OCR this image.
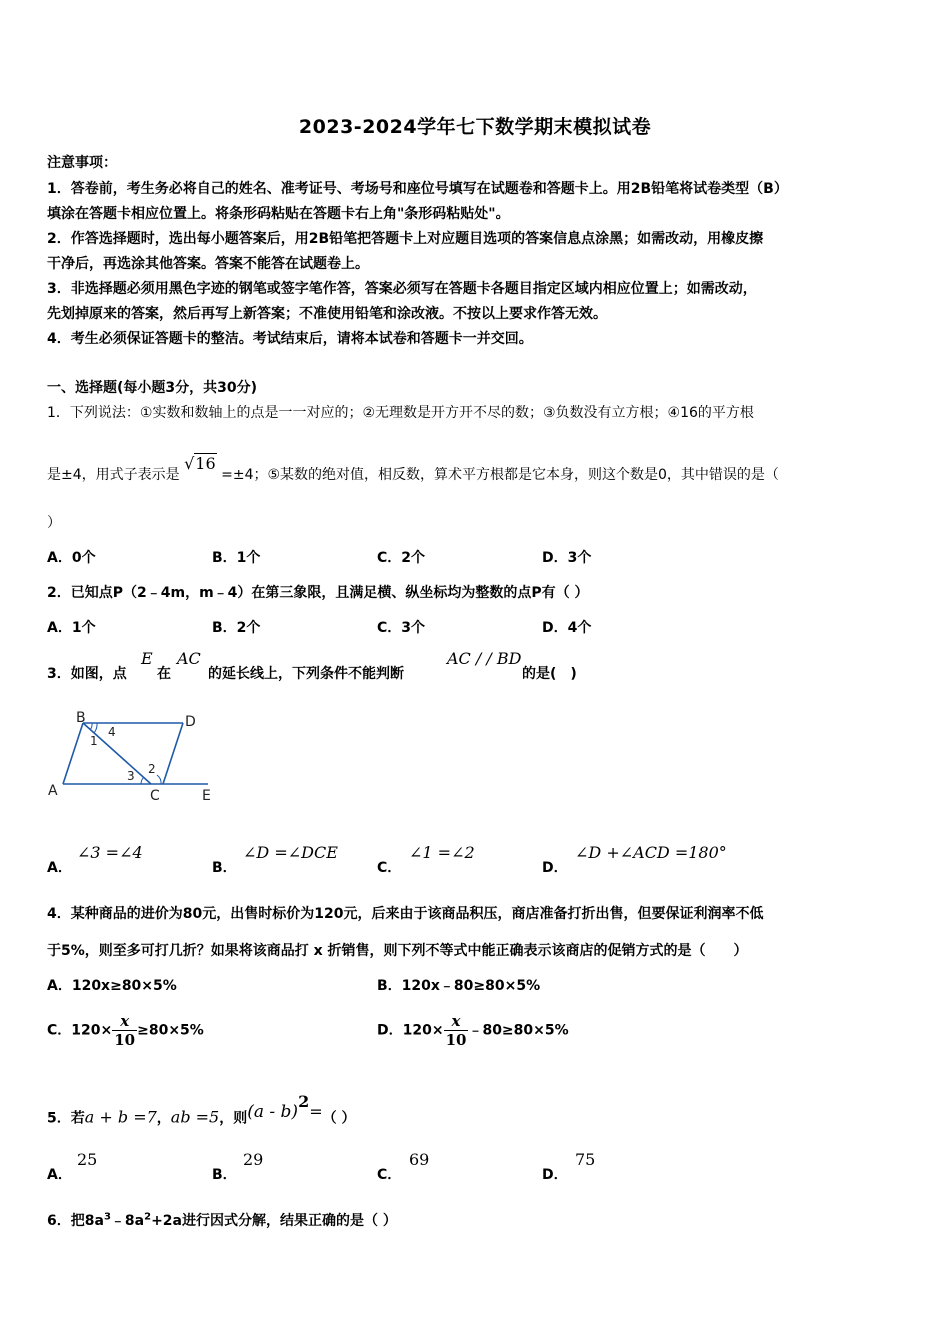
2023-2024学年七下数学期末模拟试卷
注意事项：
1．答卷前，考生务必将自己的姓名、准考证号、考场号和座位号填写在试题卷和答题卡上。用2B铅笔将试卷类型（B）
填涂在答题卡相应位置上。将条形码粘贴在答题卡右上角"条形码粘贴处"。
2．作答选择题时，选出每小题答案后，用2B铅笔把答题卡上对应题目选项的答案信息点涂黑；如需改动，用橡皮擦
干净后，再选涂其他答案。答案不能答在试题卷上。
3．非选择题必须用黑色字迹的钢笔或签字笔作答，答案必须写在答题卡各题目指定区域内相应位置上；如需改动，
先划掉原来的答案，然后再写上新答案；不准使用铅笔和涂改液。不按以上要求作答无效。
4．考生必须保证答题卡的整洁。考试结束后，请将本试卷和答题卡一并交回。
一、选择题(每小题3分，共30分)
1．下列说法：①实数和数轴上的点是一一对应的；②无理数是开方开不尽的数；③负数没有立方根；④16的平方根
是±4，用式子表示是 √16 =±4；⑤某数的绝对值，相反数，算术平方根都是它本身，则这个数是0，其中错误的是（
）
A．0个	B．1个	C．2个	D．3个
2．已知点P（2﹣4m，m﹣4）在第三象限，且满足横、纵坐标均为整数的点P有（ ）
A．1个	B．2个	C．3个	D．4个
3．如图，点
E
在
AC
的延长线上，下列条件不能判断
AC / / BD
的是(　)
B	D
A	C	E
1
4
2
3
A．
∠3 =∠4
B．
∠D =∠DCE
C．
∠1 =∠2
D．
∠D +∠ACD =180°
4．某种商品的进价为80元，出售时标价为120元，后来由于该商品积压，商店准备打折出售，但要保证利润率不低
于5%，则至多可打几折？如果将该商品打 x 折销售，则下列不等式中能正确表示该商店的促销方式的是（　　）
A．120x≥80×5%	B．120x﹣80≥80×5%
C．$120\times \frac{x}{10} \ge 80\times 5\%$	D．$120\times \frac{x}{10}$ ﹣80≥80×5%
5．若a + b =7，ab =5，则(a - b)$^2$=（ ）
A．
25
B．
29
C．
69
D．
75
6．把$8a^3﹣8a^2+2a$进行因式分解，结果正确的是（ ）
